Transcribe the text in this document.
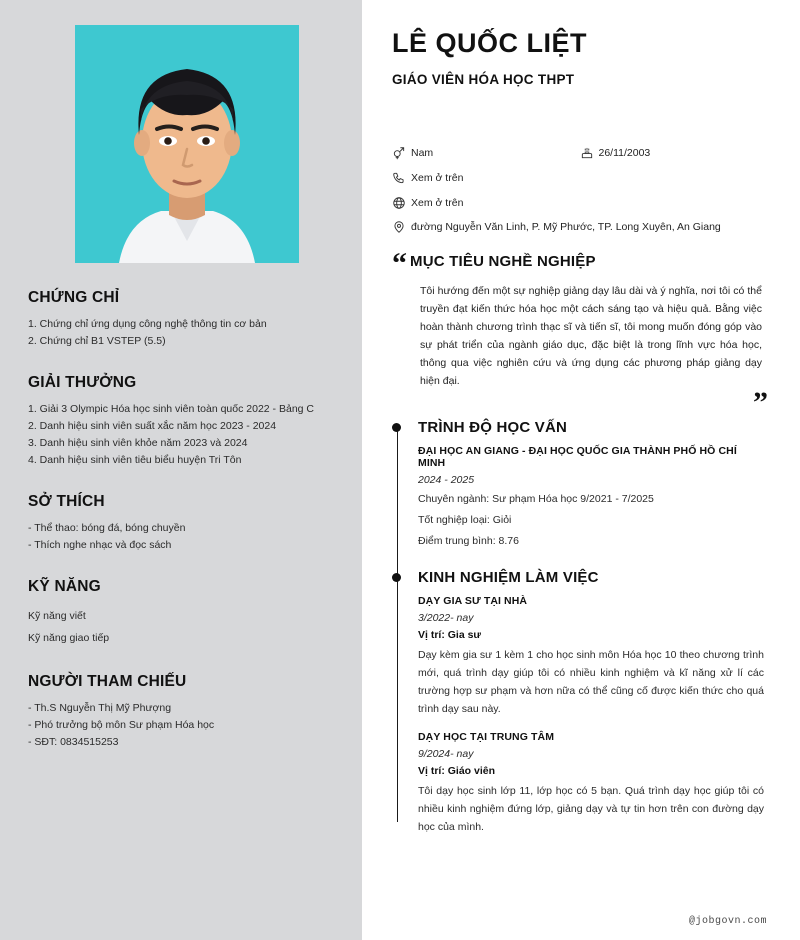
CHỨNG CHỈ
1. Chứng chỉ ứng dụng công nghệ thông tin cơ bản
2. Chứng chỉ B1 VSTEP (5.5)
GIẢI THƯỞNG
1. Giải 3 Olympic Hóa học sinh viên toàn quốc 2022 - Bảng C
2. Danh hiệu sinh viên suất xắc năm học 2023 - 2024
3. Danh hiệu sinh viên khỏe năm 2023 và 2024
4. Danh hiệu sinh viên tiêu biểu huyện Tri Tôn
SỞ THÍCH
- Thể thao: bóng đá, bóng chuyền
- Thích nghe nhạc và đọc sách
KỸ NĂNG
Kỹ năng viết
Kỹ năng giao tiếp
NGƯỜI THAM CHIẾU
- Th.S Nguyễn Thị Mỹ Phượng
- Phó trưởng bộ môn Sư phạm Hóa học
- SĐT: 0834515253
LÊ QUỐC LIỆT
GIÁO VIÊN HÓA HỌC THPT
Nam	26/11/2003
Xem ở trên
Xem ở trên
đường Nguyễn Văn Linh, P. Mỹ Phước, TP. Long Xuyên, An Giang
“ MỤC TIÊU NGHỀ NGHIỆP

Tôi hướng đến một sự nghiệp giảng dạy lâu dài và ý nghĩa, nơi tôi có thể truyền đạt kiến thức hóa học một cách sáng tạo và hiệu quả. Bằng việc hoàn thành chương trình thạc sĩ và tiến sĩ, tôi mong muốn đóng góp vào sự phát triển của ngành giáo dục, đặc biệt là trong lĩnh vực hóa học, thông qua việc nghiên cứu và ứng dụng các phương pháp giảng dạy hiện đại.

”
TRÌNH ĐỘ HỌC VẤN
ĐẠI HỌC AN GIANG - ĐẠI HỌC QUỐC GIA THÀNH PHỐ HỒ CHÍ MINH
2024 - 2025
Chuyên ngành: Sư phạm Hóa học 9/2021 - 7/2025
Tốt nghiệp loại: Giỏi
Điểm trung bình: 8.76
KINH NGHIỆM LÀM VIỆC
DẠY GIA SƯ TẠI NHÀ
3/2022- nay
Vị trí: Gia sư

Dạy kèm gia sư 1 kèm 1 cho học sinh môn Hóa học 10 theo chương trình mới, quá trình dạy giúp tôi có nhiều kinh nghiệm và kĩ năng xử lí các trường hợp sư phạm và hơn nữa có thể cũng cố được kiến thức cho quá trình dạy sau này.

DẠY HỌC TẠI TRUNG TÂM
9/2024- nay
Vị trí: Giáo viên

Tôi dạy học sinh lớp 11, lớp học có 5 bạn. Quá trình dạy học giúp tôi có nhiều kinh nghiệm đứng lớp, giảng dạy và tự tin hơn trên con đường dạy học của mình.

@jobgovn.com
